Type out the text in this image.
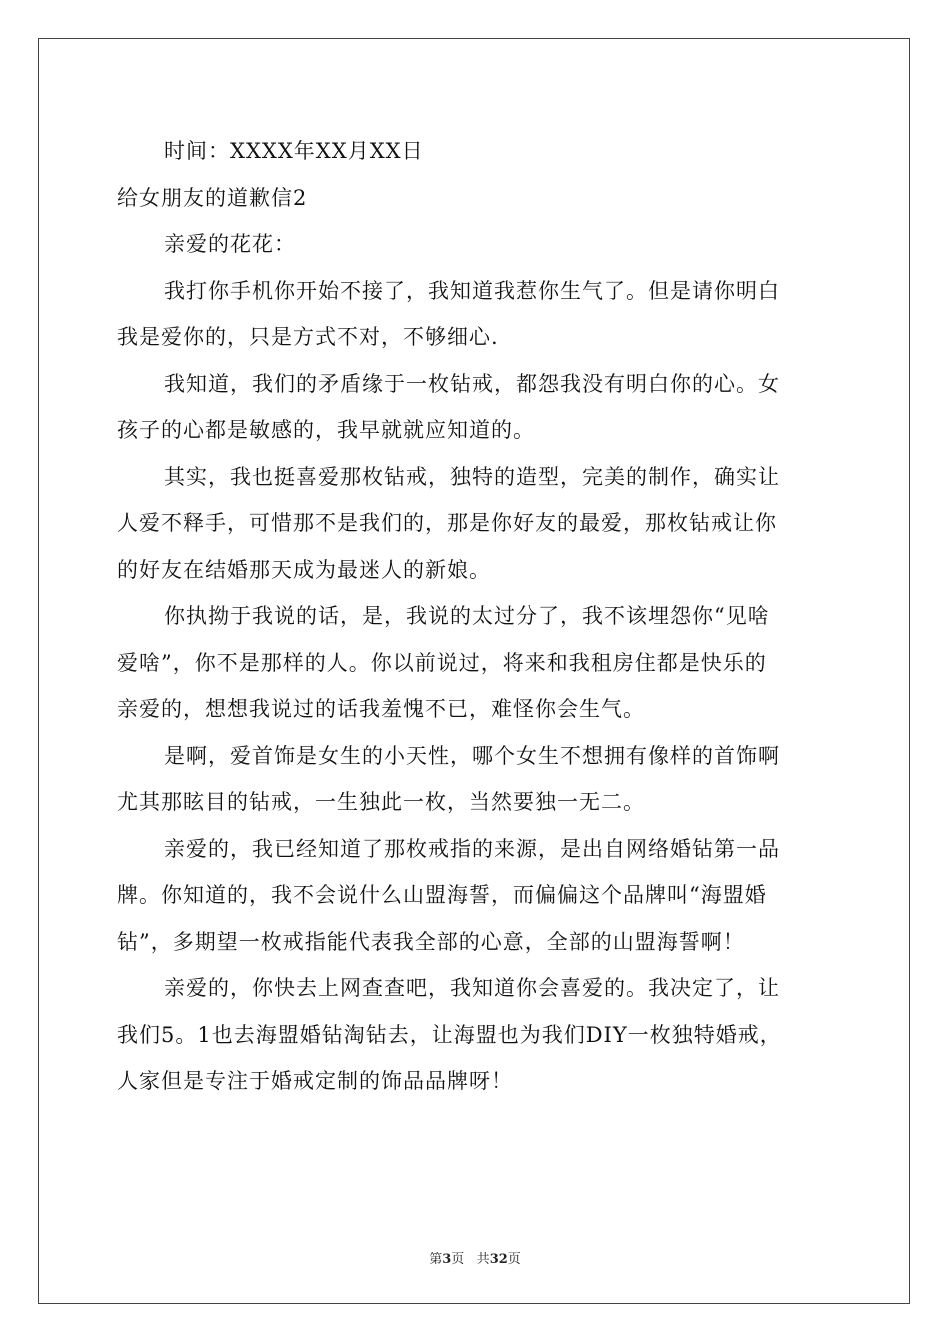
时间：XXXX年XX月XX日
给女朋友的道歉信2
亲爱的花花：
我打你手机你开始不接了，我知道我惹你生气了。但是请你明白
我是爱你的，只是方式不对，不够细心.
我知道，我们的矛盾缘于一枚钻戒，都怨我没有明白你的心。女
孩子的心都是敏感的，我早就就应知道的。
其实，我也挺喜爱那枚钻戒，独特的造型，完美的制作，确实让
人爱不释手，可惜那不是我们的，那是你好友的最爱，那枚钻戒让你
的好友在结婚那天成为最迷人的新娘。
你执拗于我说的话，是，我说的太过分了，我不该埋怨你“见啥
爱啥”，你不是那样的人。你以前说过，将来和我租房住都是快乐的
亲爱的，想想我说过的话我羞愧不已，难怪你会生气。
是啊，爱首饰是女生的小天性，哪个女生不想拥有像样的首饰啊
尤其那眩目的钻戒，一生独此一枚，当然要独一无二。
亲爱的，我已经知道了那枚戒指的来源，是出自网络婚钻第一品
牌。你知道的，我不会说什么山盟海誓，而偏偏这个品牌叫“海盟婚
钻”，多期望一枚戒指能代表我全部的心意，全部的山盟海誓啊！
亲爱的，你快去上网查查吧，我知道你会喜爱的。我决定了，让
我们5。1也去海盟婚钻淘钻去，让海盟也为我们DIY一枚独特婚戒，
人家但是专注于婚戒定制的饰品品牌呀！
第3页 共32页
